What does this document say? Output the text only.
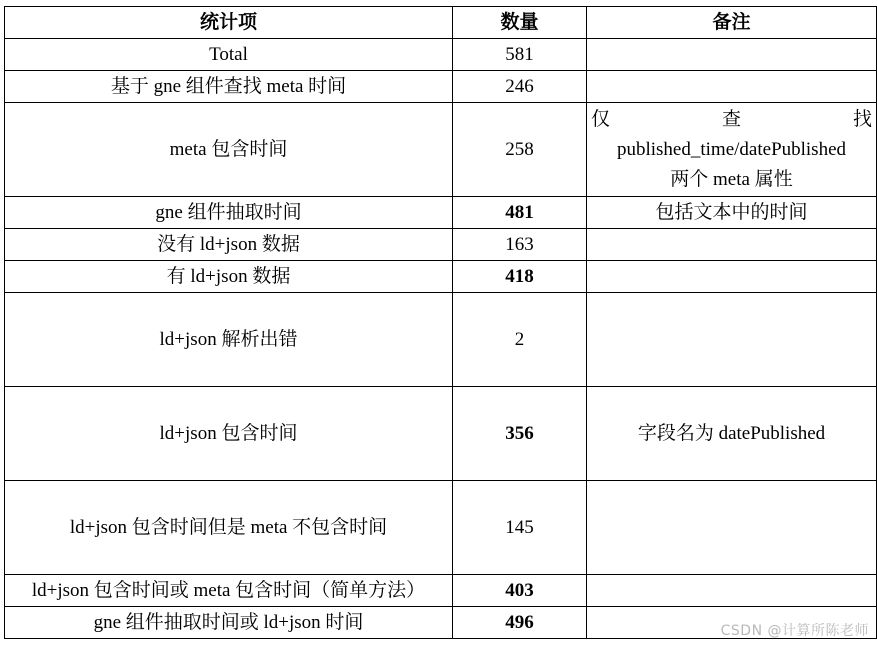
统计项	数量	备注
Total	581	
基于 gne 组件查找 meta 时间	246	
meta 包含时间	258	仅 查 找
published_time/datePublished
两个 meta 属性

gne 组件抽取时间	481	包括文本中的时间
没有 ld+json 数据	163	
有 ld+json 数据	418	
ld+json 解析出错	2	
ld+json 包含时间	356	字段名为 datePublished
ld+json 包含时间但是 meta 不包含时间	145	
ld+json 包含时间或 meta 包含时间（简单方法）	403	
gne 组件抽取时间或 ld+json 时间	496		CSDN @计算所陈老师
